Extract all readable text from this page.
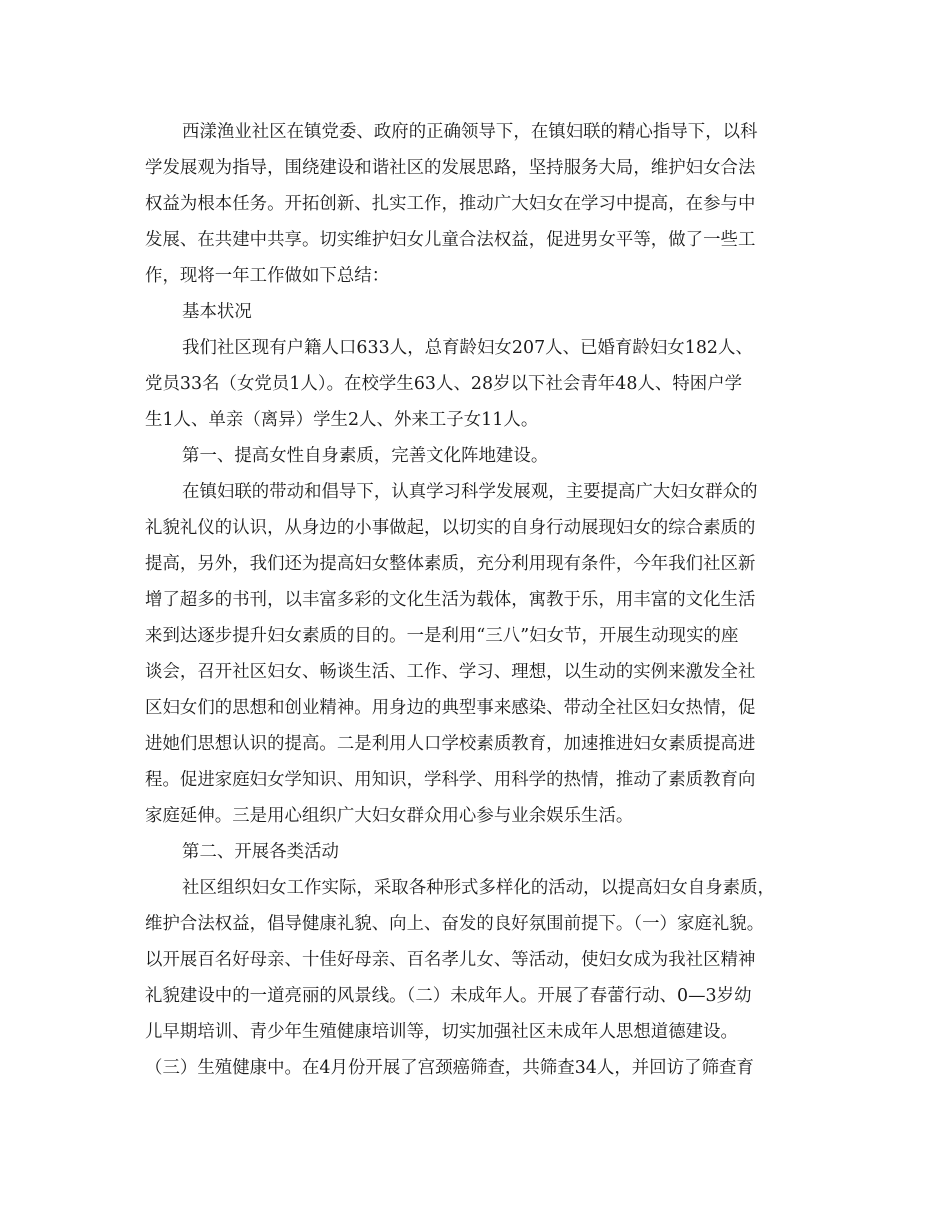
西漾渔业社区在镇党委、政府的正确领导下，在镇妇联的精心指导下，以科
学发展观为指导，围绕建设和谐社区的发展思路，坚持服务大局，维护妇女合法
权益为根本任务。开拓创新、扎实工作，推动广大妇女在学习中提高，在参与中
发展、在共建中共享。切实维护妇女儿童合法权益，促进男女平等，做了一些工
作，现将一年工作做如下总结：
基本状况
我们社区现有户籍人口633人，总育龄妇女207人、已婚育龄妇女182人、
党员33名（女党员1人）。在校学生63人、28岁以下社会青年48人、特困户学
生1人、单亲（离异）学生2人、外来工子女11人。
第一、提高女性自身素质，完善文化阵地建设。
在镇妇联的带动和倡导下，认真学习科学发展观，主要提高广大妇女群众的
礼貌礼仪的认识，从身边的小事做起，以切实的自身行动展现妇女的综合素质的
提高，另外，我们还为提高妇女整体素质，充分利用现有条件，今年我们社区新
增了超多的书刊，以丰富多彩的文化生活为载体，寓教于乐，用丰富的文化生活
来到达逐步提升妇女素质的目的。一是利用“三八”妇女节，开展生动现实的座
谈会，召开社区妇女、畅谈生活、工作、学习、理想，以生动的实例来激发全社
区妇女们的思想和创业精神。用身边的典型事来感染、带动全社区妇女热情，促
进她们思想认识的提高。二是利用人口学校素质教育，加速推进妇女素质提高进
程。促进家庭妇女学知识、用知识，学科学、用科学的热情，推动了素质教育向
家庭延伸。三是用心组织广大妇女群众用心参与业余娱乐生活。
第二、开展各类活动
社区组织妇女工作实际，采取各种形式多样化的活动，以提高妇女自身素质，
维护合法权益，倡导健康礼貌、向上、奋发的良好氛围前提下。（一）家庭礼貌。
以开展百名好母亲、十佳好母亲、百名孝儿女、等活动，使妇女成为我社区精神
礼貌建设中的一道亮丽的风景线。（二）未成年人。开展了春蕾行动、0—3岁幼
儿早期培训、青少年生殖健康培训等，切实加强社区未成年人思想道德建设。
（三）生殖健康中。在4月份开展了宫颈癌筛查，共筛查34人，并回访了筛查育
